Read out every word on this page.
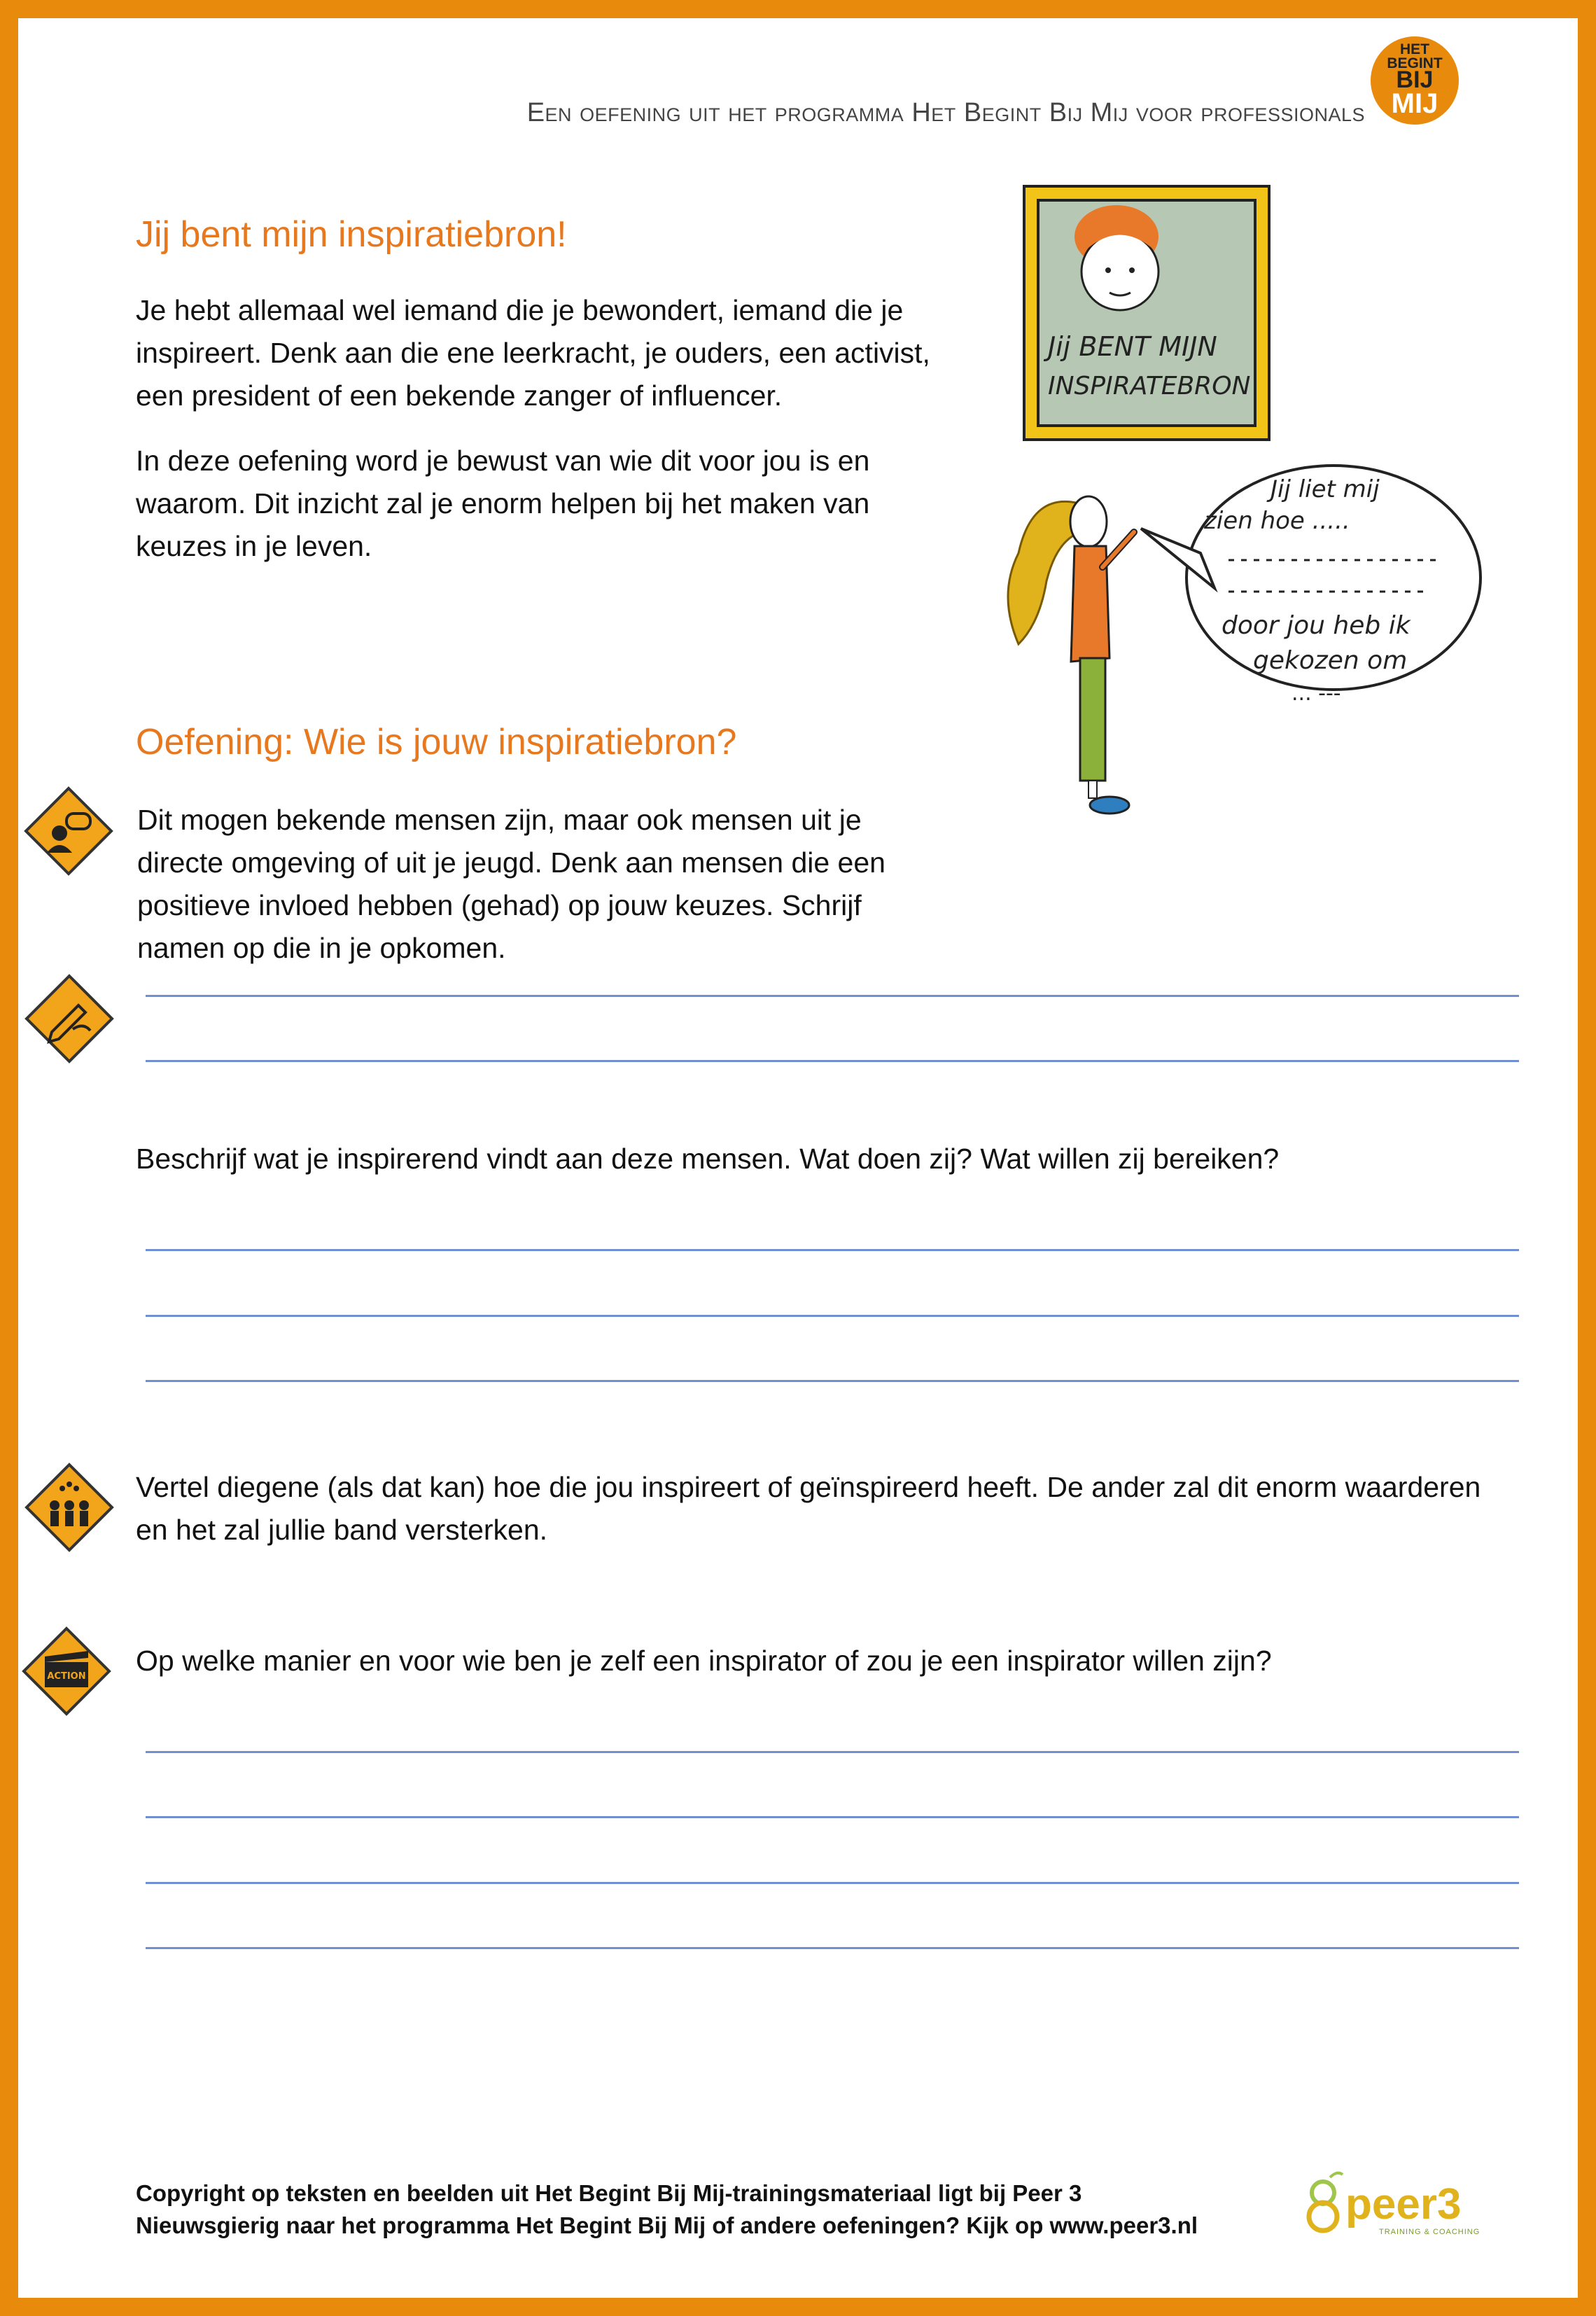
Een oefening uit het programma Het Begint Bij Mij voor professionals
HET
BEGINT
BIJ
MIJ
Jij bent mijn inspiratiebron!
Je hebt allemaal wel iemand die je bewondert, iemand die je inspireert. Denk aan die ene leerkracht, je ouders, een activist, een president of een bekende zanger of influencer.
In deze oefening word je bewust van wie dit voor jou is en waarom. Dit inzicht zal je enorm helpen bij het maken van keuzes in je leven.
Jij BENT MIJN
INSPIRATEBRON
Jij liet mij
zien hoe .....
door jou heb ik
gekozen om
... ---
Oefening: Wie is jouw inspiratiebron?
Dit mogen bekende mensen zijn, maar ook mensen uit je directe omgeving of uit je jeugd. Denk aan mensen die een positieve invloed hebben (gehad) op jouw keuzes. Schrijf namen op die in je opkomen.
Beschrijf wat je inspirerend vindt aan deze mensen. Wat doen zij? Wat willen zij bereiken?
Vertel diegene (als dat kan) hoe die jou inspireert of geïnspireerd heeft. De ander zal dit enorm waarderen en het zal jullie band versterken.
ACTION Op welke manier en voor wie ben je zelf een inspirator of zou je een inspirator willen zijn?
Copyright op teksten en beelden uit Het Begint Bij Mij-trainingsmateriaal ligt bij Peer 3
Nieuwsgierig naar het programma Het Begint Bij Mij of andere oefeningen? Kijk op www.peer3.nl	peer3
TRAINING & COACHING
